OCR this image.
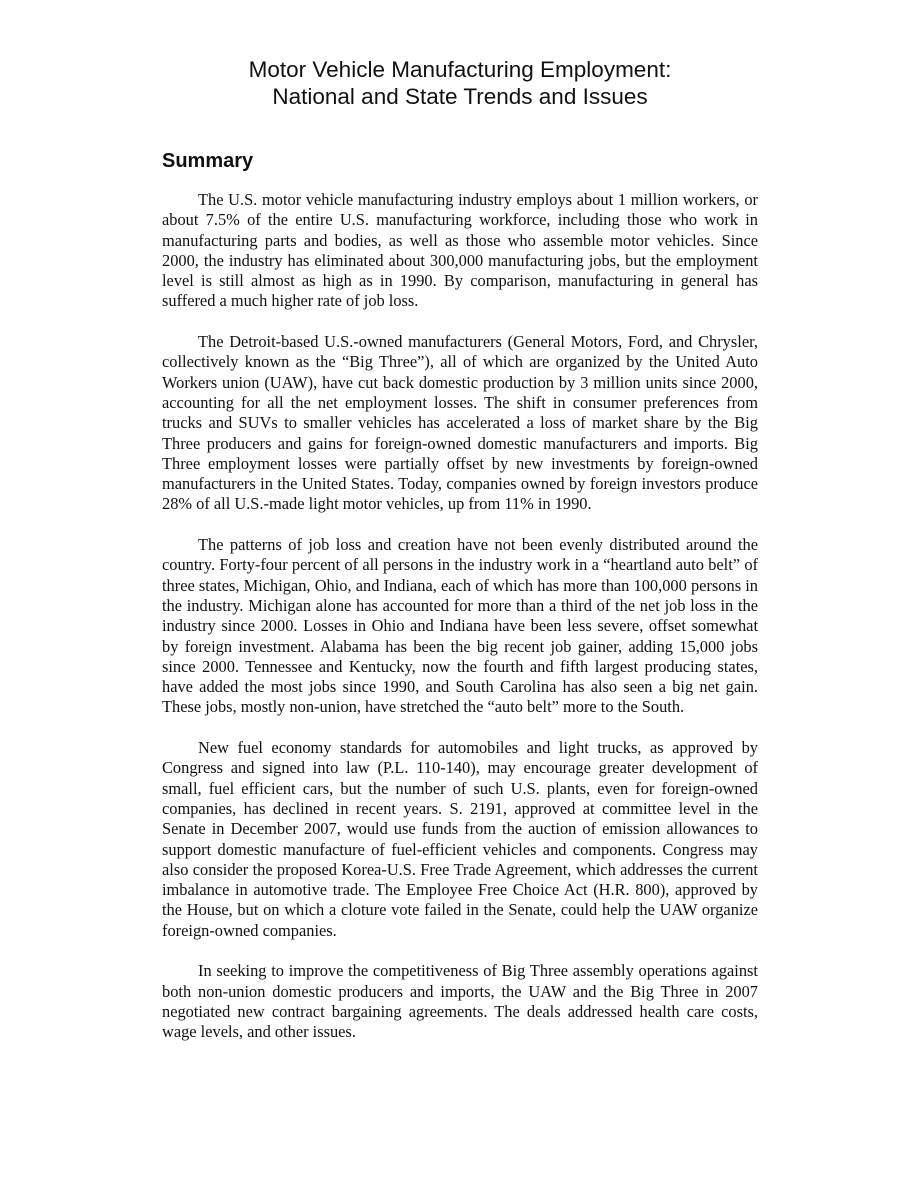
Motor Vehicle Manufacturing Employment:
National and State Trends and Issues
Summary

The U.S. motor vehicle manufacturing industry employs about 1 million workers, or about 7.5% of the entire U.S. manufacturing workforce, including those who work in manufacturing parts and bodies, as well as those who assemble motor vehicles. Since 2000, the industry has eliminated about 300,000 manufacturing jobs, but the employment level is still almost as high as in 1990. By comparison, manufacturing in general has suffered a much higher rate of job loss.

The Detroit-based U.S.-owned manufacturers (General Motors, Ford, and Chrysler, collectively known as the “Big Three”), all of which are organized by the United Auto Workers union (UAW), have cut back domestic production by 3 million units since 2000, accounting for all the net employment losses. The shift in consumer preferences from trucks and SUVs to smaller vehicles has accelerated a loss of market share by the Big Three producers and gains for foreign-owned domestic manufacturers and imports. Big Three employment losses were partially offset by new investments by foreign-owned manufacturers in the United States. Today, companies owned by foreign investors produce 28% of all U.S.-made light motor vehicles, up from 11% in 1990.

The patterns of job loss and creation have not been evenly distributed around the country. Forty-four percent of all persons in the industry work in a “heartland auto belt” of three states, Michigan, Ohio, and Indiana, each of which has more than 100,000 persons in the industry. Michigan alone has accounted for more than a third of the net job loss in the industry since 2000. Losses in Ohio and Indiana have been less severe, offset somewhat by foreign investment. Alabama has been the big recent job gainer, adding 15,000 jobs since 2000. Tennessee and Kentucky, now the fourth and fifth largest producing states, have added the most jobs since 1990, and South Carolina has also seen a big net gain. These jobs, mostly non-union, have stretched the “auto belt” more to the South.

New fuel economy standards for automobiles and light trucks, as approved by Congress and signed into law (P.L. 110-140), may encourage greater development of small, fuel efficient cars, but the number of such U.S. plants, even for foreign-owned companies, has declined in recent years. S. 2191, approved at committee level in the Senate in December 2007, would use funds from the auction of emission allowances to support domestic manufacture of fuel-efficient vehicles and components. Congress may also consider the proposed Korea-U.S. Free Trade Agreement, which addresses the current imbalance in automotive trade. The Employee Free Choice Act (H.R. 800), approved by the House, but on which a cloture vote failed in the Senate, could help the UAW organize foreign-owned companies.

In seeking to improve the competitiveness of Big Three assembly operations against both non-union domestic producers and imports, the UAW and the Big Three in 2007 negotiated new contract bargaining agreements. The deals addressed health care costs, wage levels, and other issues.
